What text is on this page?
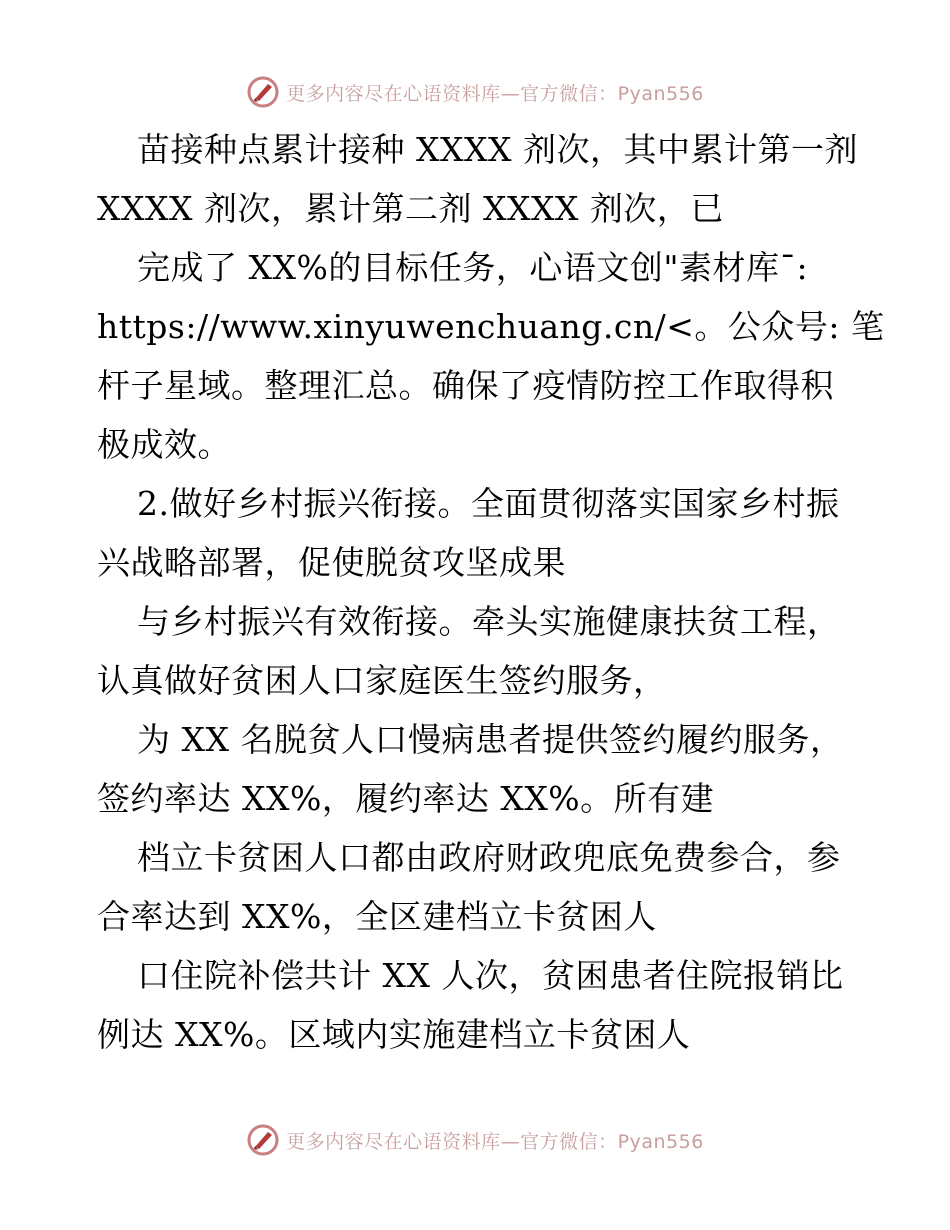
更多内容尽在心语资料库—官方微信：Pyan556
苗接种点累计接种 XXXX 剂次，其中累计第一剂
XXXX 剂次，累计第二剂 XXXX 剂次，已
完成了 XX%的目标任务，心语文创"素材库¯:
https://www.xinyuwenchuang.cn/<。公众号: 笔
杆子星域。整理汇总。确保了疫情防控工作取得积
极成效。
2.做好乡村振兴衔接。全面贯彻落实国家乡村振
兴战略部署，促使脱贫攻坚成果
与乡村振兴有效衔接。牵头实施健康扶贫工程，
认真做好贫困人口家庭医生签约服务，
为 XX 名脱贫人口慢病患者提供签约履约服务，
签约率达 XX%，履约率达 XX%。所有建
档立卡贫困人口都由政府财政兜底免费参合，参
合率达到 XX%，全区建档立卡贫困人
口住院补偿共计 XX 人次，贫困患者住院报销比
例达 XX%。区域内实施建档立卡贫困人
更多内容尽在心语资料库—官方微信：Pyan556
